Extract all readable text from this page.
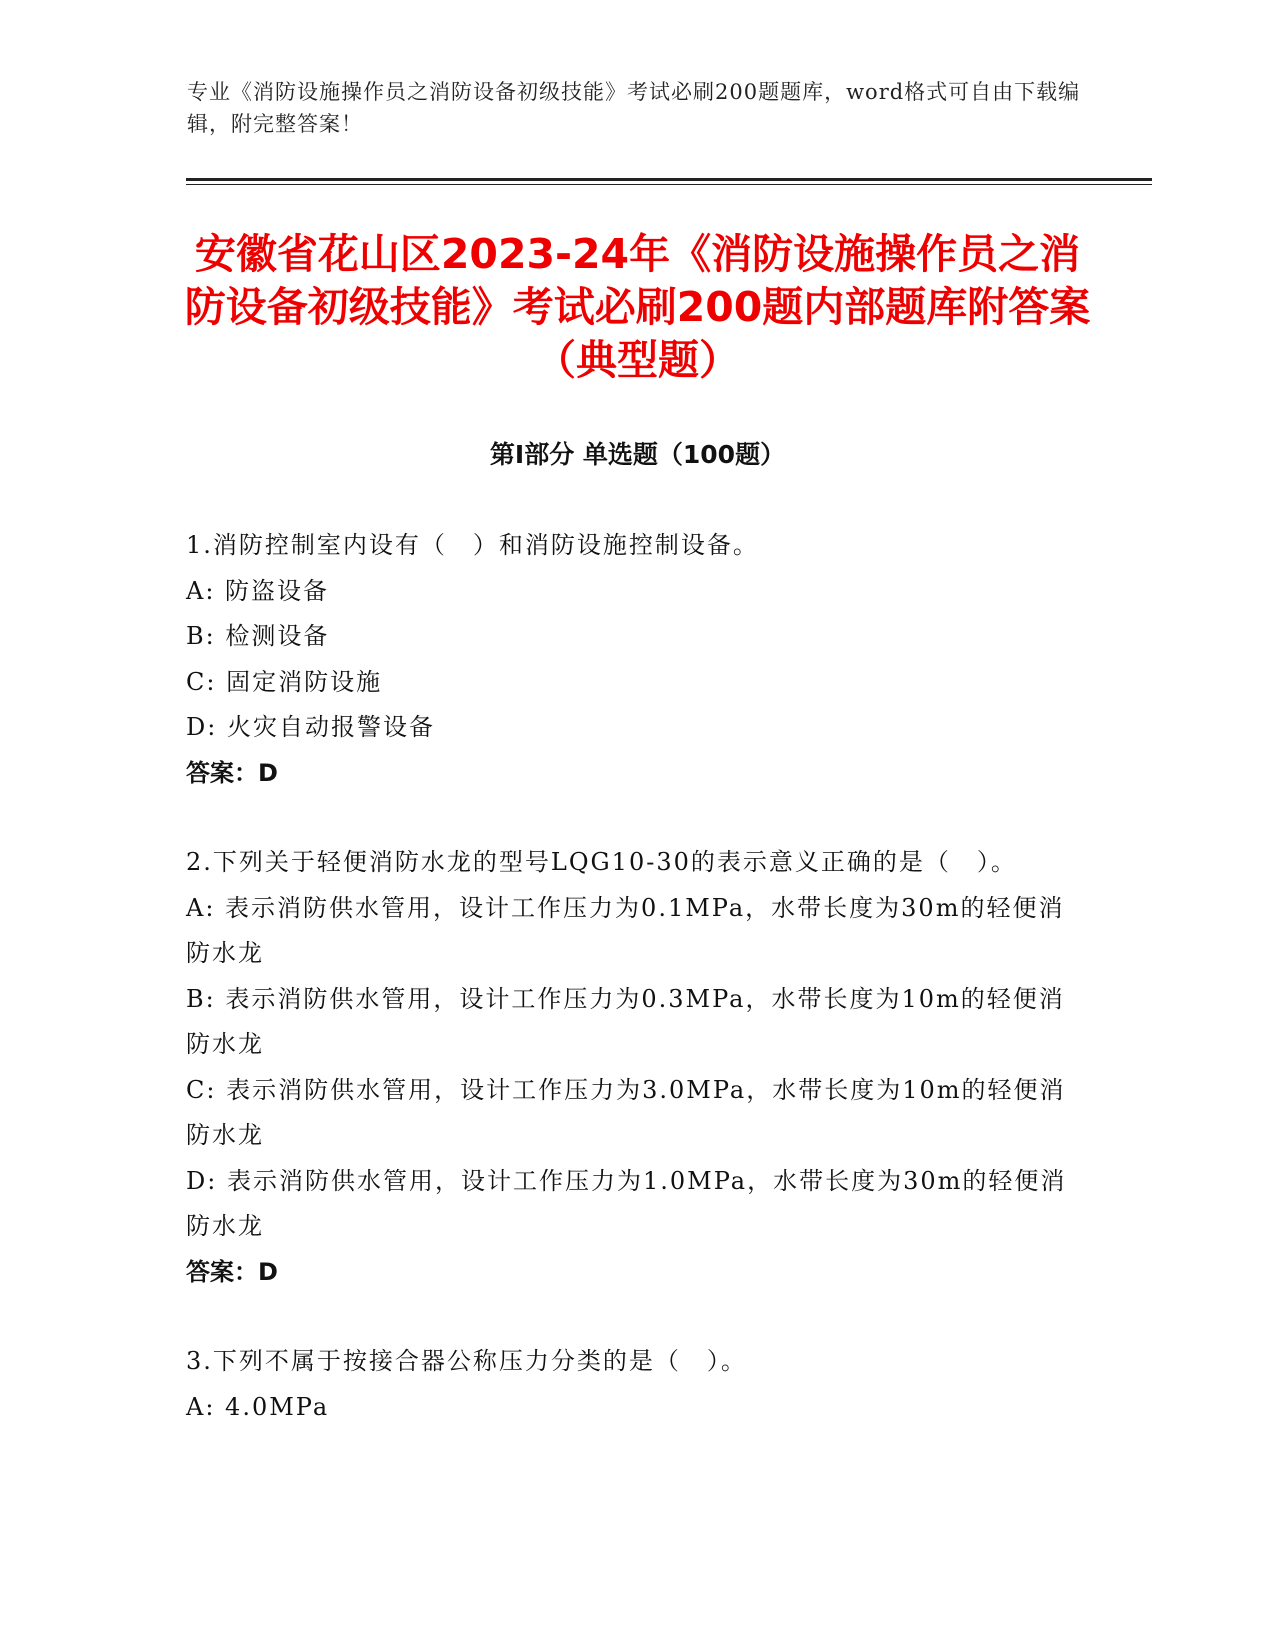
专业《消防设施操作员之消防设备初级技能》考试必刷200题题库，word格式可自由下载编辑，附完整答案！

安徽省花山区2023-24年《消防设施操作员之消防设备初级技能》考试必刷200题内部题库附答案（典型题）
第Ⅰ部分 单选题（100题）

1.消防控制室内设有（　）和消防设施控制设备。

A: 防盗设备

B: 检测设备

C: 固定消防设施

D: 火灾自动报警设备

答案：D

2.下列关于轻便消防水龙的型号LQG10-30的表示意义正确的是（　）。

A: 表示消防供水管用，设计工作压力为0.1MPa，水带长度为30m的轻便消防水龙

B: 表示消防供水管用，设计工作压力为0.3MPa，水带长度为10m的轻便消防水龙

C: 表示消防供水管用，设计工作压力为3.0MPa，水带长度为10m的轻便消防水龙

D: 表示消防供水管用，设计工作压力为1.0MPa，水带长度为30m的轻便消防水龙

答案：D

3.下列不属于按接合器公称压力分类的是（　）。

A: 4.0MPa
